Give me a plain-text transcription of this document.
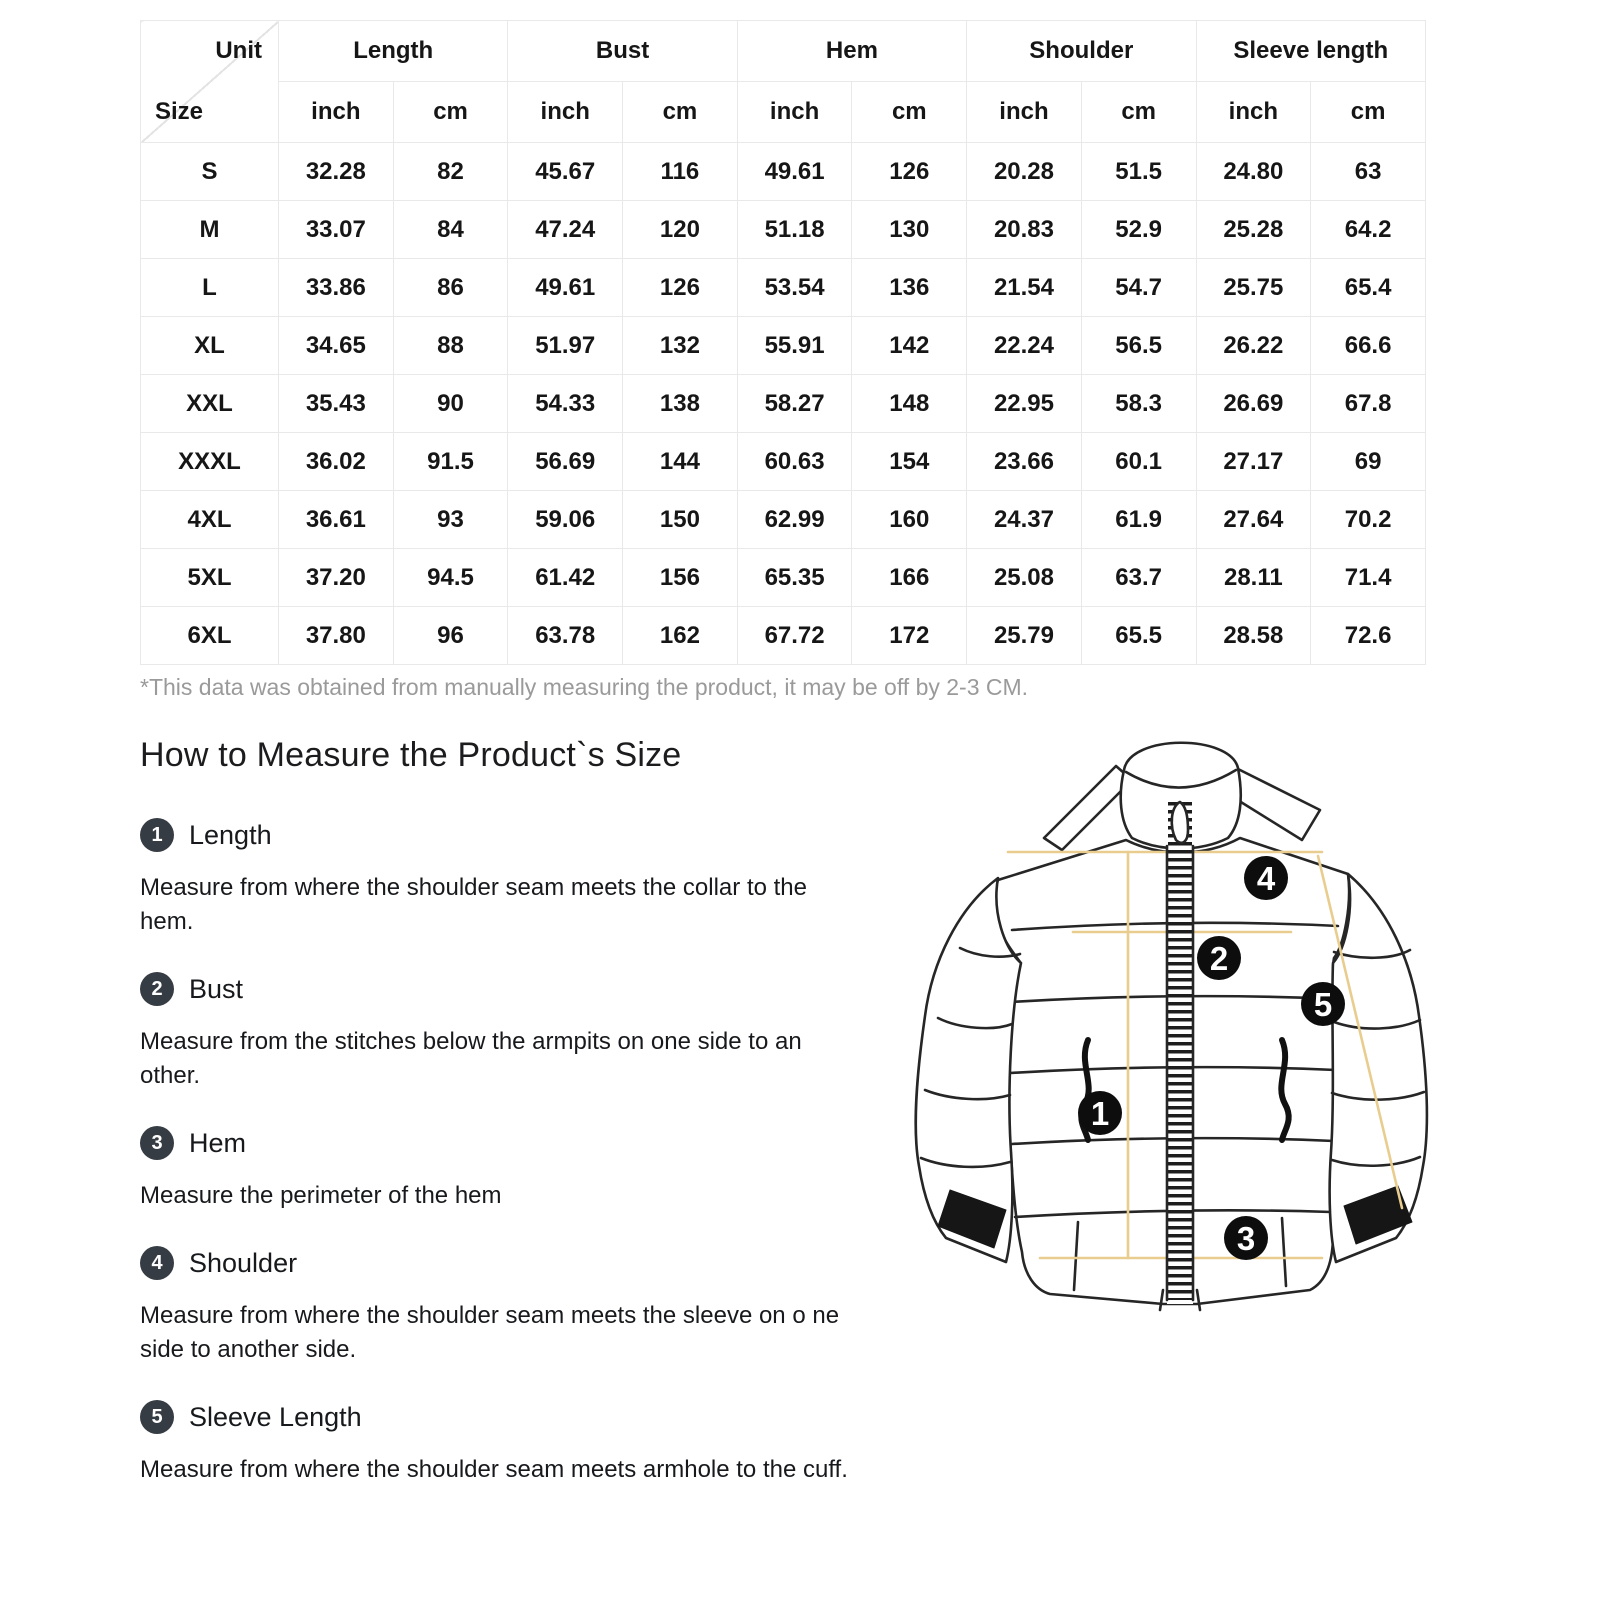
Unit
Size	Length		Bust		Hem		Shoulder		Sleeve length	
	inch	cm	inch	cm	inch	cm	inch	cm	inch	cm
S	32.28	82	45.67	116	49.61	126	20.28	51.5	24.80	63
M	33.07	84	47.24	120	51.18	130	20.83	52.9	25.28	64.2
L	33.86	86	49.61	126	53.54	136	21.54	54.7	25.75	65.4
XL	34.65	88	51.97	132	55.91	142	22.24	56.5	26.22	66.6
XXL	35.43	90	54.33	138	58.27	148	22.95	58.3	26.69	67.8
XXXL	36.02	91.5	56.69	144	60.63	154	23.66	60.1	27.17	69
4XL	36.61	93	59.06	150	62.99	160	24.37	61.9	27.64	70.2
5XL	37.20	94.5	61.42	156	65.35	166	25.08	63.7	28.11	71.4
6XL	37.80	96	63.78	162	67.72	172	25.79	65.5	28.58	72.6
*This data was obtained from manually measuring the product, it may be off by 2-3 CM.
How to Measure the Product`s Size
1 Length

Measure from where the shoulder seam meets the collar to the hem.

2 Bust

Measure from the stitches below the armpits on one side to an other.

3 Hem

Measure the perimeter of the hem

4 Shoulder

Measure from where the shoulder seam meets the sleeve on o ne side to another side.

5 Sleeve Length

Measure from where the shoulder seam meets armhole to the cuff.

1
2
3
4
5
